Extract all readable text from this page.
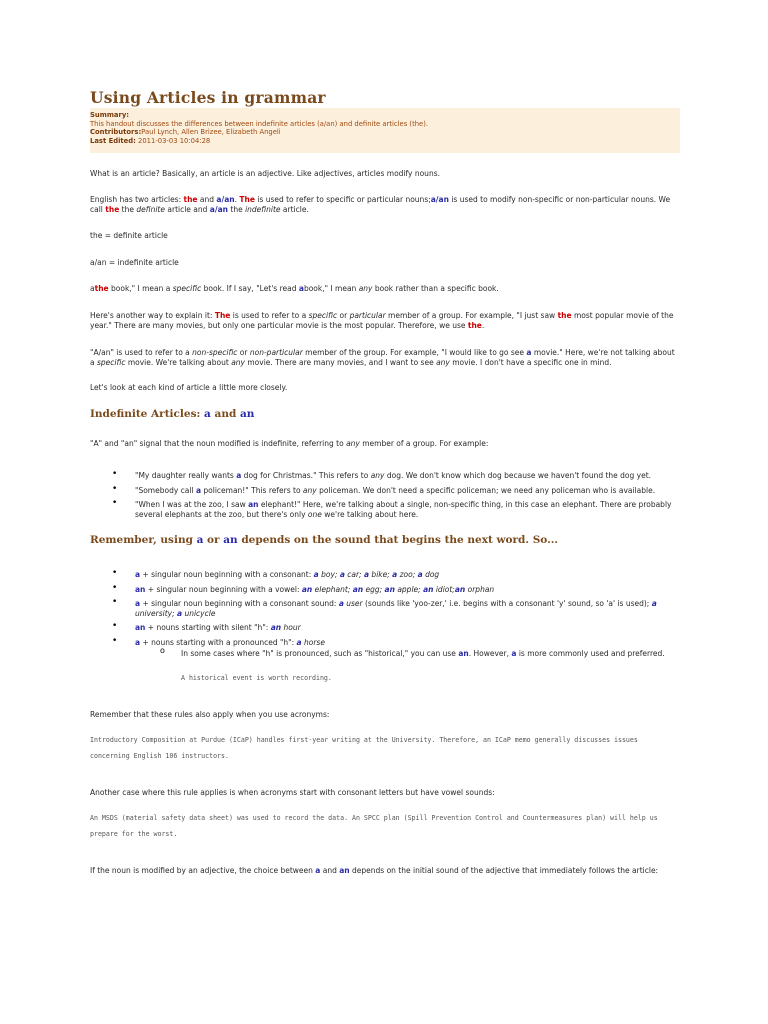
Using Articles in grammar
Summary:
This handout discusses the differences between indefinite articles (a/an) and definite articles (the).
Contributors:Paul Lynch, Allen Brizee, Elizabeth Angeli
Last Edited: 2011-03-03 10:04:28
What is an article? Basically, an article is an adjective. Like adjectives, articles modify nouns.
English has two articles: the and a/an. The is used to refer to specific or particular nouns;a/an is used to modify non-specific or non-particular nouns. We call the the definite article and a/an the indefinite article.
the = definite article
a/an = indefinite article
athe book," I mean a specific book. If I say, "Let's read abook," I mean any book rather than a specific book.
Here's another way to explain it: The is used to refer to a specific or particular member of a group. For example, "I just saw the most popular movie of the year." There are many movies, but only one particular movie is the most popular. Therefore, we use the.
"A/an" is used to refer to a non-specific or non-particular member of the group. For example, "I would like to go see a movie." Here, we're not talking about a specific movie. We're talking about any movie. There are many movies, and I want to see any movie. I don't have a specific one in mind.
Let's look at each kind of article a little more closely.
Indefinite Articles: a and an
"A" and "an" signal that the noun modified is indefinite, referring to any member of a group. For example:
• "My daughter really wants a dog for Christmas." This refers to any dog. We don't know which dog because we haven't found the dog yet.
• "Somebody call a policeman!" This refers to any policeman. We don't need a specific policeman; we need any policeman who is available.
• "When I was at the zoo, I saw an elephant!" Here, we're talking about a single, non-specific thing, in this case an elephant. There are probably several elephants at the zoo, but there's only one we're talking about here.
Remember, using a or an depends on the sound that begins the next word. So...
• a + singular noun beginning with a consonant: a boy; a car; a bike; a zoo; a dog
• an + singular noun beginning with a vowel: an elephant; an egg; an apple; an idiot;an orphan
• a + singular noun beginning with a consonant sound: a user (sounds like 'yoo-zer,' i.e. begins with a consonant 'y' sound, so 'a' is used); a university; a unicycle
• an + nouns starting with silent "h": an hour
• a + nouns starting with a pronounced "h": a horse
o In some cases where "h" is pronounced, such as "historical," you can use an. However, a is more commonly used and preferred.
A historical event is worth recording.
Remember that these rules also apply when you use acronyms:
Introductory Composition at Purdue (ICaP) handles first-year writing at the University. Therefore, an ICaP memo generally discusses issues concerning English 106 instructors.
Another case where this rule applies is when acronyms start with consonant letters but have vowel sounds:
An MSDS (material safety data sheet) was used to record the data. An SPCC plan (Spill Prevention Control and Countermeasures plan) will help us prepare for the worst.
If the noun is modified by an adjective, the choice between a and an depends on the initial sound of the adjective that immediately follows the article:
